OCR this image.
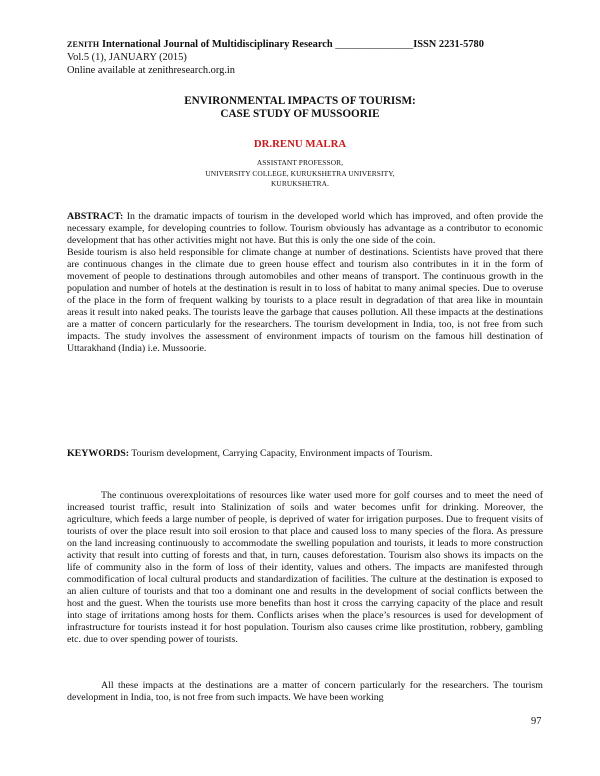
ZENITH International Journal of Multidisciplinary Research _______________ISSN 2231-5780
Vol.5 (1), JANUARY (2015)
Online available at zenithresearch.org.in
ENVIRONMENTAL IMPACTS OF TOURISM:
CASE STUDY OF MUSSOORIE
DR.RENU MALRA
ASSISTANT PROFESSOR,
UNIVERSITY COLLEGE, KURUKSHETRA UNIVERSITY,
KURUKSHETRA.

ABSTRACT: In the dramatic impacts of tourism in the developed world which has improved, and often provide the necessary example, for developing countries to follow. Tourism obviously has advantage as a contributor to economic development that has other activities might not have. But this is only the one side of the coin.

Beside tourism is also held responsible for climate change at number of destinations. Scientists have proved that there are continuous changes in the climate due to green house effect and tourism also contributes in it in the form of movement of people to destinations through automobiles and other means of transport. The continuous growth in the population and number of hotels at the destination is result in to loss of habitat to many animal species. Due to overuse of the place in the form of frequent walking by tourists to a place result in degradation of that area like in mountain areas it result into naked peaks. The tourists leave the garbage that causes pollution. All these impacts at the destinations are a matter of concern particularly for the researchers. The tourism development in India, too, is not free from such impacts. The study involves the assessment of environment impacts of tourism on the famous hill destination of Uttarakhand (India) i.e. Mussoorie.

KEYWORDS: Tourism development, Carrying Capacity, Environment impacts of Tourism.

The continuous overexploitations of resources like water used more for golf courses and to meet the need of increased tourist traffic, result into Stalinization of soils and water becomes unfit for drinking. Moreover, the agriculture, which feeds a large number of people, is deprived of water for irrigation purposes. Due to frequent visits of tourists of over the place result into soil erosion to that place and caused loss to many species of the flora. As pressure on the land increasing continuously to accommodate the swelling population and tourists, it leads to more construction activity that result into cutting of forests and that, in turn, causes deforestation. Tourism also shows its impacts on the life of community also in the form of loss of their identity, values and others. The impacts are manifested through commodification of local cultural products and standardization of facilities. The culture at the destination is exposed to an alien culture of tourists and that too a dominant one and results in the development of social conflicts between the host and the guest. When the tourists use more benefits than host it cross the carrying capacity of the place and result into stage of irritations among hosts for them. Conflicts arises when the place’s resources is used for development of infrastructure for tourists instead it for host population. Tourism also causes crime like prostitution, robbery, gambling etc. due to over spending power of tourists.
All these impacts at the destinations are a matter of concern particularly for the researchers. The tourism development in India, too, is not free from such impacts. We have been working
97
